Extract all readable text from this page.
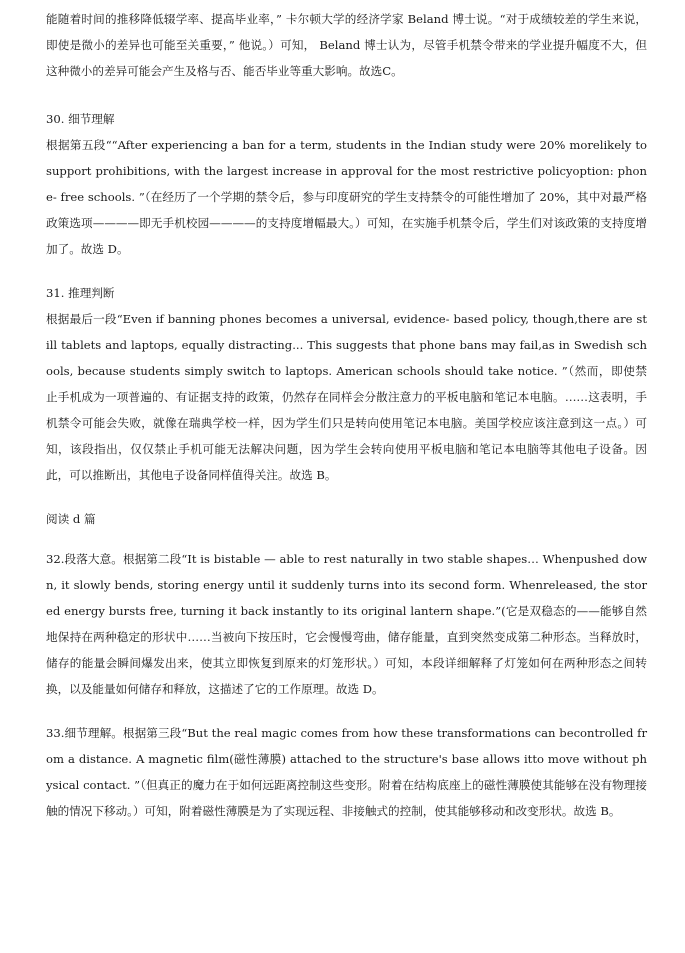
能随着时间的推移降低辍学率、提高毕业率，” 卡尔顿大学的经济学家 Beland 博士说。“对于成绩较差的学生来说，即使是微小的差异也可能至关重要，” 他说。）可知， Beland 博士认为，尽管手机禁令带来的学业提升幅度不大，但这种微小的差异可能会产生及格与否、能否毕业等重大影响。故选C。

30. 细节理解

根据第五段““After experiencing a ban for a term, students in the Indian study were 20% morelikely to support prohibitions, with the largest increase in approval for the most restrictive policyoption: phone- free schools. ”（在经历了一个学期的禁令后，参与印度研究的学生支持禁令的可能性增加了 20%，其中对最严格政策选项————即无手机校园————的支持度增幅最大。）可知，在实施手机禁令后，学生们对该政策的支持度增加了。故选 D。

31. 推理判断

根据最后一段“Even if banning phones becomes a universal, evidence- based policy, though,there are still tablets and laptops, equally distracting... This suggests that phone bans may fail,as in Swedish schools, because students simply switch to laptops. American schools should take notice. ”（然而，即使禁止手机成为一项普遍的、有证据支持的政策，仍然存在同样会分散注意力的平板电脑和笔记本电脑。……这表明，手机禁令可能会失败，就像在瑞典学校一样，因为学生们只是转向使用笔记本电脑。美国学校应该注意到这一点。）可知，该段指出，仅仅禁止手机可能无法解决问题，因为学生会转向使用平板电脑和笔记本电脑等其他电子设备。因此，可以推断出，其他电子设备同样值得关注。故选 B。

阅读 d 篇

32.段落大意。根据第二段“It is bistable — able to rest naturally in two stable shapes… Whenpushed down, it slowly bends, storing energy until it suddenly turns into its second form. Whenreleased, the stored energy bursts free, turning it back instantly to its original lantern shape.”(它是双稳态的——能够自然地保持在两种稳定的形状中……当被向下按压时，它会慢慢弯曲，储存能量，直到突然变成第二种形态。当释放时，储存的能量会瞬间爆发出来，使其立即恢复到原来的灯笼形状。）可知，本段详细解释了灯笼如何在两种形态之间转换，以及能量如何储存和释放，这描述了它的工作原理。故选 D。

33.细节理解。根据第三段“But the real magic comes from how these transformations can becontrolled from a distance. A magnetic film(磁性薄膜) attached to the structure's base allows itto move without physical contact. ”（但真正的魔力在于如何远距离控制这些变形。附着在结构底座上的磁性薄膜使其能够在没有物理接触的情况下移动。）可知，附着磁性薄膜是为了实现远程、非接触式的控制，使其能够移动和改变形状。故选 B。
